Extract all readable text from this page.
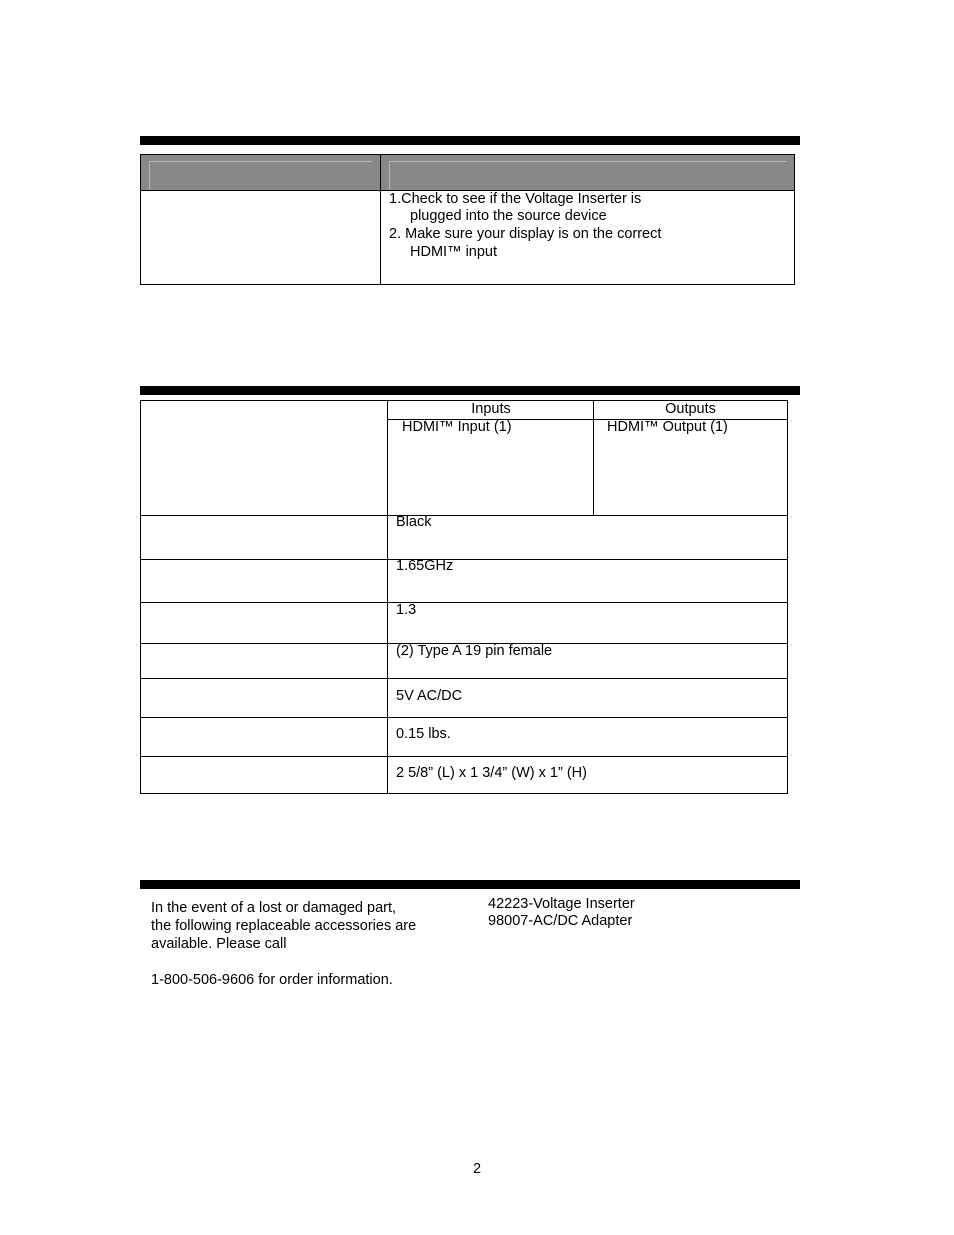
1.Check to see if the Voltage Inserter is
plugged into the source device
2. Make sure your display is on the correct
HDMI™ input
Inputs	Outputs
HDMI™ Input (1)	HDMI™ Output (1)
Black
1.65GHz
1.3
(2) Type A 19 pin female
5V AC/DC
0.15 lbs.
2 5/8” (L) x 1 3/4” (W) x 1” (H)
In the event of a lost or damaged part,
the following replaceable accessories are
available. Please call
1-800-506-9606 for order information.
42223-Voltage Inserter
98007-AC/DC Adapter
2
